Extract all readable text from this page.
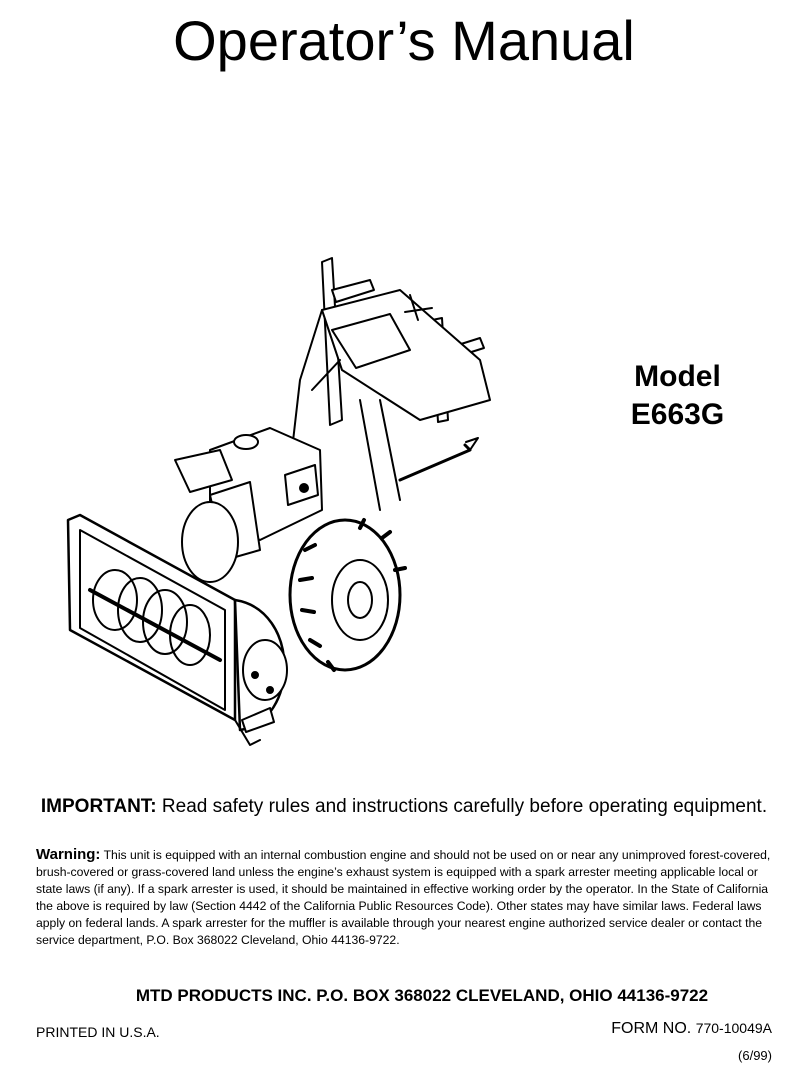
Operator’s Manual
Model
E663G
IMPORTANT: Read safety rules and instructions carefully before operating equipment.
Warning: This unit is equipped with an internal combustion engine and should not be used on or near any unimproved forest-covered, brush-covered or grass-covered land unless the engine’s exhaust system is equipped with a spark arrester meeting applicable local or state laws (if any). If a spark arrester is used, it should be maintained in effective working order by the operator. In the State of California the above is required by law (Section 4442 of the California Public Resources Code). Other states may have similar laws. Federal laws apply on federal lands. A spark arrester for the muffler is available through your nearest engine authorized service dealer or contact the service department, P.O. Box 368022 Cleveland, Ohio 44136-9722.
MTD PRODUCTS INC. P.O. BOX 368022 CLEVELAND, OHIO 44136-9722
PRINTED IN U.S.A.	FORM NO. 770-10049A
(6/99)
